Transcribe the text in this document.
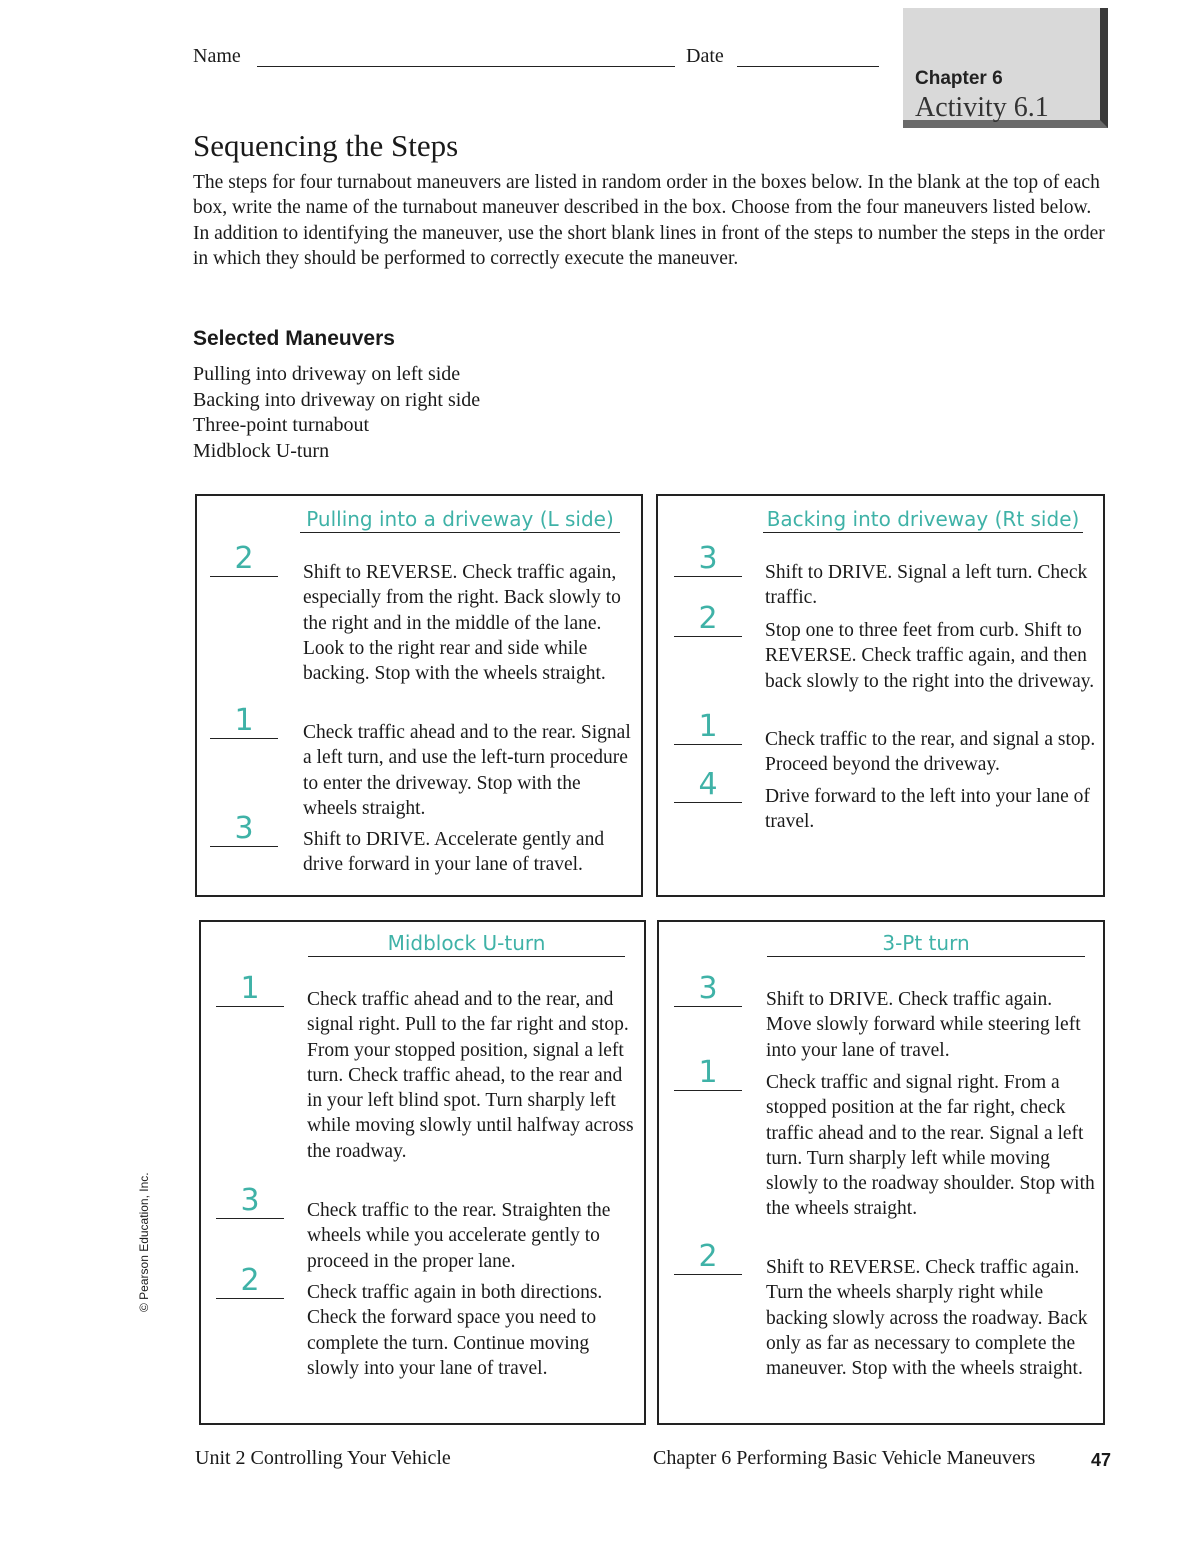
Name	Date
Chapter 6
Activity 6.1
Sequencing the Steps
The steps for four turnabout maneuvers are listed in random order in the boxes below. In the blank at the top of each box, write the name of the turnabout maneuver described in the box. Choose from the four maneuvers listed below. In addition to identifying the maneuver, use the short blank lines in front of the steps to number the steps in the order in which they should be performed to correctly execute the maneuver.
Selected Maneuvers
Pulling into driveway on left side
Backing into driveway on right side
Three-point turnabout
Midblock U-turn
Pulling into a driveway (L side)
2	Shift to REVERSE. Check traffic again, especially from the right. Back slowly to the right and in the middle of the lane. Look to the right rear and side while backing. Stop with the wheels straight.
1	Check traffic ahead and to the rear. Signal a left turn, and use the left-turn procedure to enter the driveway. Stop with the wheels straight.
3	Shift to DRIVE. Accelerate gently and drive forward in your lane of travel.
Backing into driveway (Rt side)
3	Shift to DRIVE. Signal a left turn. Check traffic.
2	Stop one to three feet from curb. Shift to REVERSE. Check traffic again, and then back slowly to the right into the driveway.
1	Check traffic to the rear, and signal a stop. Proceed beyond the driveway.
4	Drive forward to the left into your lane of travel.
Midblock U-turn
1	Check traffic ahead and to the rear, and signal right. Pull to the far right and stop. From your stopped position, signal a left turn. Check traffic ahead, to the rear and in your left blind spot. Turn sharply left while moving slowly until halfway across the roadway.
3	Check traffic to the rear. Straighten the wheels while you accelerate gently to proceed in the proper lane.
2	Check traffic again in both directions. Check the forward space you need to complete the turn. Continue moving slowly into your lane of travel.
3-Pt turn
3	Shift to DRIVE. Check traffic again. Move slowly forward while steering left into your lane of travel.
1	Check traffic and signal right. From a stopped position at the far right, check traffic ahead and to the rear. Signal a left turn. Turn sharply left while moving slowly to the roadway shoulder. Stop with the wheels straight.
2	Shift to REVERSE. Check traffic again. Turn the wheels sharply right while backing slowly across the roadway. Back only as far as necessary to complete the maneuver. Stop with the wheels straight.
© Pearson Education, Inc.
Unit 2 Controlling Your Vehicle	Chapter 6 Performing Basic Vehicle Maneuvers	47
